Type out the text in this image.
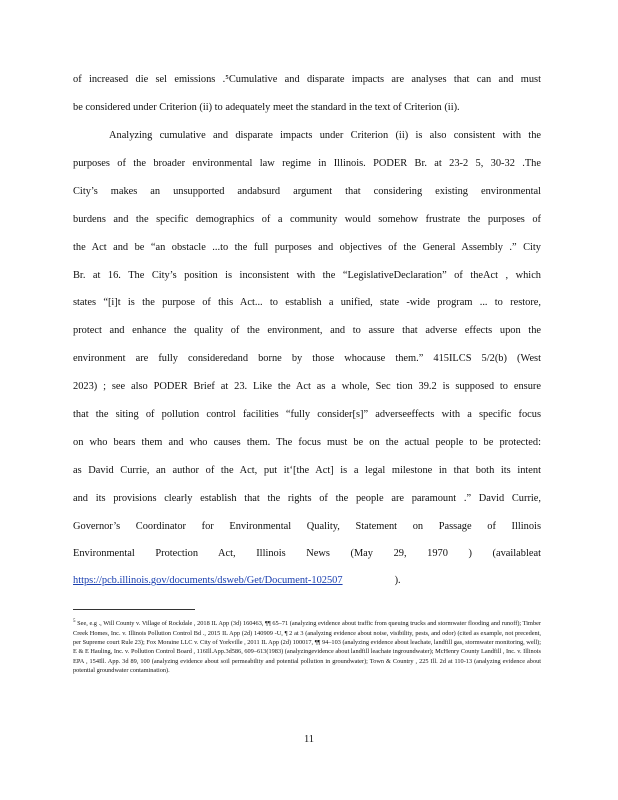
of increased die sel emissions .⁵Cumulative and disparate impacts are analyses that can and must
be considered under Criterion (ii) to adequately meet the standard in the text of Criterion (ii).
Analyzing cumulative and disparate impacts under Criterion (ii) is also consistent with the
purposes of the broader environmental law regime in Illinois. PODER Br. at 23-2 5, 30-32 .The
City’s makes an unsupported andabsurd argument that considering existing environmental
burdens and the specific demographics of a community would somehow frustrate the purposes of
the Act and be “an obstacle ...to the full purposes and objectives of the General Assembly .” City
Br. at 16. The City’s position is inconsistent with the “LegislativeDeclaration” of theAct , which
states “[i]t is the purpose of this Act... to establish a unified, state -wide program ... to restore,
protect and enhance the quality of the environment, and to assure that adverse effects upon the
environment are fully consideredand borne by those whocause them.” 415ILCS 5/2(b) (West
2023) ; see also PODER Brief at 23. Like the Act as a whole, Sec tion 39.2 is supposed to ensure
that the siting of pollution control facilities “fully consider[s]” adverseeffects with a specific focus
on who bears them and who causes them. The focus must be on the actual people to be protected:
as David Currie, an author of the Act, put it‘[the Act] is a legal milestone in that both its intent
and its provisions clearly establish that the rights of the people are paramount .” David Currie,
Governor’s Coordinator for Environmental Quality, Statement on Passage of Illinois
Environmental Protection Act, Illinois News (May 29, 1970 ) (availableat
https://pcb.illinois.gov/documents/dsweb/Get/Document-102507	).
$^5$ See, e.g ., Will County v. Village of Rockdale , 2018 IL App (3d) 160463, ¶¶ 65–71 (analyzing evidence about traffic from queuing trucks and stormwater flooding and runoff); Timber Creek Homes, Inc. v. Illinois Pollution Control Bd ., 2015 IL App (2d) 140909 -U, ¶ 2 at 3 (analyzing evidence about noise, visibility, pests, and odor) (cited as example, not precedent, per Supreme court Rule 23); Fox Moraine LLC v. City of Yorkville , 2011 IL App (2d) 100017, ¶¶ 94–103 (analyzing evidence about leachate, landfill gas, stormwater monitoring, well); E & E Hauling, Inc. v. Pollution Control Board , 116Ill.App.3d586, 609–613(1983) (analyzingevidence about landfill leachate ingroundwater); McHenry County Landfill , Inc. v. Illinois EPA , 154Ill. App. 3d 89, 100 (analyzing evidence about soil permeability and potential pollution in groundwater); Town & Country , 225 Ill. 2d at 110-13 (analyzing evidence about potential groundwater contamination).
11
